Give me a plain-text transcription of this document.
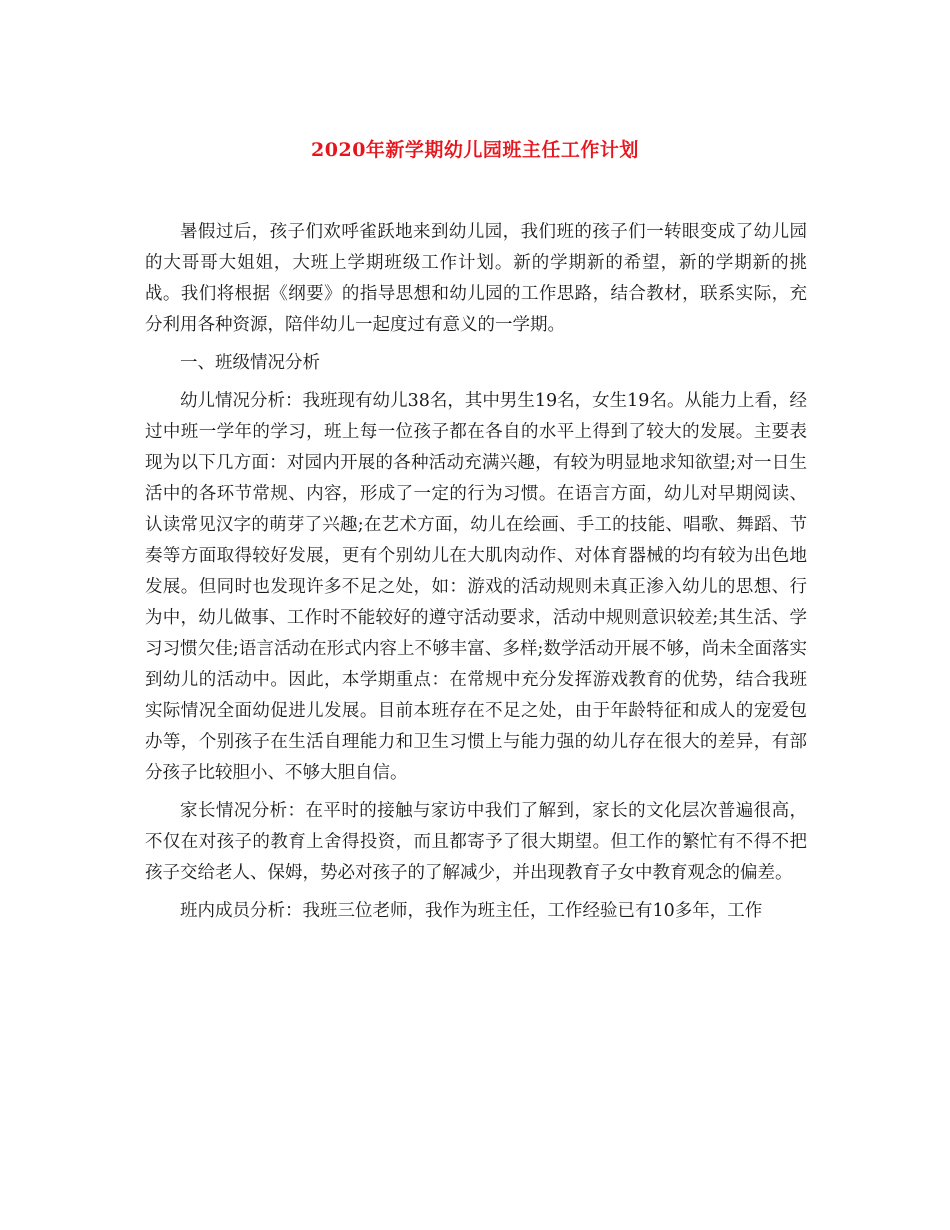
2020年新学期幼儿园班主任工作计划

暑假过后，孩子们欢呼雀跃地来到幼儿园，我们班的孩子们一转眼变成了幼儿园的大哥哥大姐姐，大班上学期班级工作计划。新的学期新的希望，新的学期新的挑战。我们将根据《纲要》的指导思想和幼儿园的工作思路，结合教材，联系实际，充分利用各种资源，陪伴幼儿一起度过有意义的一学期。

一、班级情况分析

幼儿情况分析：我班现有幼儿38名，其中男生19名，女生19名。从能力上看，经过中班一学年的学习，班上每一位孩子都在各自的水平上得到了较大的发展。主要表现为以下几方面：对园内开展的各种活动充满兴趣，有较为明显地求知欲望;对一日生活中的各环节常规、内容，形成了一定的行为习惯。在语言方面，幼儿对早期阅读、认读常见汉字的萌芽了兴趣;在艺术方面，幼儿在绘画、手工的技能、唱歌、舞蹈、节奏等方面取得较好发展，更有个别幼儿在大肌肉动作、对体育器械的均有较为出色地发展。但同时也发现许多不足之处，如：游戏的活动规则未真正渗入幼儿的思想、行为中，幼儿做事、工作时不能较好的遵守活动要求，活动中规则意识较差;其生活、学习习惯欠佳;语言活动在形式内容上不够丰富、多样;数学活动开展不够，尚未全面落实到幼儿的活动中。因此，本学期重点：在常规中充分发挥游戏教育的优势，结合我班实际情况全面幼促进儿发展。目前本班存在不足之处，由于年龄特征和成人的宠爱包办等，个别孩子在生活自理能力和卫生习惯上与能力强的幼儿存在很大的差异，有部分孩子比较胆小、不够大胆自信。

家长情况分析：在平时的接触与家访中我们了解到，家长的文化层次普遍很高，不仅在对孩子的教育上舍得投资，而且都寄予了很大期望。但工作的繁忙有不得不把孩子交给老人、保姆，势必对孩子的了解减少，并出现教育子女中教育观念的偏差。

班内成员分析：我班三位老师，我作为班主任，工作经验已有10多年，工作
